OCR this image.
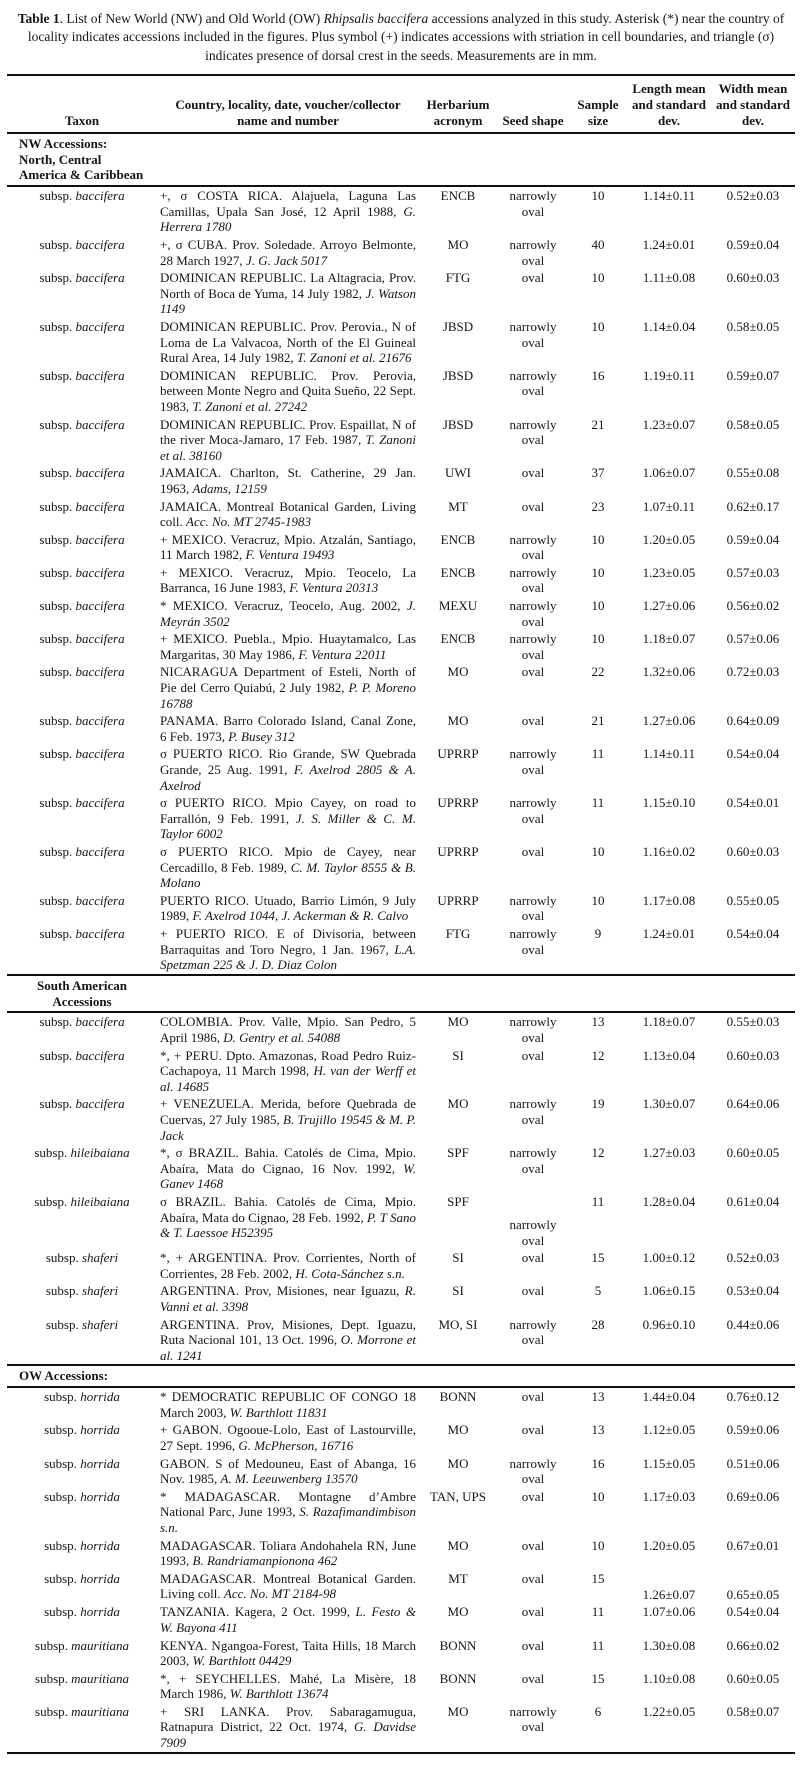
Table 1. List of New World (NW) and Old World (OW) Rhipsalis baccifera accessions analyzed in this study. Asterisk (*) near the country of locality indicates accessions included in the figures. Plus symbol (+) indicates accessions with striation in cell boundaries, and triangle (σ) indicates presence of dorsal crest in the seeds. Measurements are in mm.

Taxon	Country, locality, date, voucher/collector name and number	Herbarium acronym	Seed shape	Sample size	Length mean and standard dev.	Width mean and standard dev.
NW Accessions:
North, Central
America & Caribbean						
subsp. baccifera	+, σ COSTA RICA. Alajuela, Laguna Las Camillas, Upala San José, 12 April 1988, G. Herrera 1780	ENCB	narrowly oval	10	1.14±0.11	0.52±0.03
subsp. baccifera	+, σ CUBA. Prov. Soledade. Arroyo Belmonte, 28 March 1927, J. G. Jack 5017	MO	narrowly oval	40	1.24±0.01	0.59±0.04
subsp. baccifera	DOMINICAN REPUBLIC. La Altagracia, Prov. North of Boca de Yuma, 14 July 1982, J. Watson 1149	FTG	oval	10	1.11±0.08	0.60±0.03
subsp. baccifera	DOMINICAN REPUBLIC. Prov. Perovia., N of Loma de La Valvacoa, North of the El Guineal Rural Area, 14 July 1982, T. Zanoni et al. 21676	JBSD	narrowly oval	10	1.14±0.04	0.58±0.05
subsp. baccifera	DOMINICAN REPUBLIC. Prov. Perovia, between Monte Negro and Quita Sueño, 22 Sept. 1983, T. Zanoni et al. 27242	JBSD	narrowly oval	16	1.19±0.11	0.59±0.07
subsp. baccifera	DOMINICAN REPUBLIC. Prov. Espaillat, N of the river Moca-Jamaro, 17 Feb. 1987, T. Zanoni et al. 38160	JBSD	narrowly oval	21	1.23±0.07	0.58±0.05
subsp. baccifera	JAMAICA. Charlton, St. Catherine, 29 Jan. 1963, Adams, 12159	UWI	oval	37	1.06±0.07	0.55±0.08
subsp. baccifera	JAMAICA. Montreal Botanical Garden, Living coll. Acc. No. MT 2745-1983	MT	oval	23	1.07±0.11	0.62±0.17
subsp. baccifera	+ MEXICO. Veracruz, Mpio. Atzalán, Santiago, 11 March 1982, F. Ventura 19493	ENCB	narrowly oval	10	1.20±0.05	0.59±0.04
subsp. baccifera	+ MEXICO. Veracruz, Mpio. Teocelo, La Barranca, 16 June 1983, F. Ventura 20313	ENCB	narrowly oval	10	1.23±0.05	0.57±0.03
subsp. baccifera	* MEXICO. Veracruz, Teocelo, Aug. 2002, J. Meyrán 3502	MEXU	narrowly oval	10	1.27±0.06	0.56±0.02
subsp. baccifera	+ MEXICO. Puebla., Mpio. Huaytamalco, Las Margaritas, 30 May 1986, F. Ventura 22011	ENCB	narrowly oval	10	1.18±0.07	0.57±0.06
subsp. baccifera	NICARAGUA Department of Esteli, North of Pie del Cerro Quiabú, 2 July 1982, P. P. Moreno 16788	MO	oval	22	1.32±0.06	0.72±0.03
subsp. baccifera	PANAMA. Barro Colorado Island, Canal Zone, 6 Feb. 1973, P. Busey 312	MO	oval	21	1.27±0.06	0.64±0.09
subsp. baccifera	σ PUERTO RICO. Rio Grande, SW Quebrada Grande, 25 Aug. 1991, F. Axelrod 2805 & A. Axelrod	UPRRP	narrowly oval	11	1.14±0.11	0.54±0.04
subsp. baccifera	σ PUERTO RICO. Mpio Cayey, on road to Farrallón, 9 Feb. 1991, J. S. Miller & C. M. Taylor 6002	UPRRP	narrowly oval	11	1.15±0.10	0.54±0.01
subsp. baccifera	σ PUERTO RICO. Mpio de Cayey, near Cercadillo, 8 Feb. 1989, C. M. Taylor 8555 & B. Molano	UPRRP	oval	10	1.16±0.02	0.60±0.03
subsp. baccifera	PUERTO RICO. Utuado, Barrio Limón, 9 July 1989, F. Axelrod 1044, J. Ackerman & R. Calvo	UPRRP	narrowly oval	10	1.17±0.08	0.55±0.05
subsp. baccifera	+ PUERTO RICO. E of Divisoria, between Barraquitas and Toro Negro, 1 Jan. 1967, L.A. Spetzman 225 & J. D. Diaz Colon	FTG	narrowly oval	9	1.24±0.01	0.54±0.04
South American
Accessions						
subsp. baccifera	COLOMBIA. Prov. Valle, Mpio. San Pedro, 5 April 1986, D. Gentry et al. 54088	MO	narrowly oval	13	1.18±0.07	0.55±0.03
subsp. baccifera	*, + PERU. Dpto. Amazonas, Road Pedro Ruiz-Cachapoya, 11 March 1998, H. van der Werff et al. 14685	SI	oval	12	1.13±0.04	0.60±0.03
subsp. baccifera	+ VENEZUELA. Merida, before Quebrada de Cuervas, 27 July 1985, B. Trujillo 19545 & M. P. Jack	MO	narrowly oval	19	1.30±0.07	0.64±0.06
subsp. hileibaiana	*, σ BRAZIL. Bahia. Catolés de Cima, Mpio. Abaíra, Mata do Cignao, 16 Nov. 1992, W. Ganev 1468	SPF	narrowly oval	12	1.27±0.03	0.60±0.05
subsp. hileibaiana	σ BRAZIL. Bahia. Catolés de Cima, Mpio. Abaíra, Mata do Cignao, 28 Feb. 1992, P. T Sano & T. Laessoe H52395	SPF	narrowly oval	11	1.28±0.04	0.61±0.04
subsp. shaferi	*, + ARGENTINA. Prov. Corrientes, North of Corrientes, 28 Feb. 2002, H. Cota-Sánchez s.n.	SI	oval	15	1.00±0.12	0.52±0.03
subsp. shaferi	ARGENTINA. Prov, Misiones, near Iguazu, R. Vanni et al. 3398	SI	oval	5	1.06±0.15	0.53±0.04
subsp. shaferi	ARGENTINA. Prov, Misiones, Dept. Iguazu, Ruta Nacional 101, 13 Oct. 1996, O. Morrone et al. 1241	MO, SI	narrowly oval	28	0.96±0.10	0.44±0.06
OW Accessions:						
subsp. horrida	* DEMOCRATIC REPUBLIC OF CONGO 18 March 2003, W. Barthlott 11831	BONN	oval	13	1.44±0.04	0.76±0.12
subsp. horrida	+ GABON. Ogooue-Lolo, East of Lastourville, 27 Sept. 1996, G. McPherson, 16716	MO	oval	13	1.12±0.05	0.59±0.06
subsp. horrida	GABON. S of Medouneu, East of Abanga, 16 Nov. 1985, A. M. Leeuwenberg 13570	MO	narrowly oval	16	1.15±0.05	0.51±0.06
subsp. horrida	* MADAGASCAR. Montagne d’Ambre National Parc, June 1993, S. Razafimandimbison s.n.	TAN, UPS	oval	10	1.17±0.03	0.69±0.06
subsp. horrida	MADAGASCAR. Toliara Andohahela RN, June 1993, B. Randriamanpionona 462	MO	oval	10	1.20±0.05	0.67±0.01
subsp. horrida	MADAGASCAR. Montreal Botanical Garden. Living coll. Acc. No. MT 2184-98	MT	oval	15	1.26±0.07	0.65±0.05
subsp. horrida	TANZANIA. Kagera, 2 Oct. 1999, L. Festo & W. Bayona 411	MO	oval	11	1.07±0.06	0.54±0.04
subsp. mauritiana	KENYA. Ngangoa-Forest, Taita Hills, 18 March 2003, W. Barthlott 04429	BONN	oval	11	1.30±0.08	0.66±0.02
subsp. mauritiana	*, + SEYCHELLES. Mahé, La Misère, 18 March 1986, W. Barthlott 13674	BONN	oval	15	1.10±0.08	0.60±0.05
subsp. mauritiana	+ SRI LANKA. Prov. Sabaragamugua, Ratnapura District, 22 Oct. 1974, G. Davidse 7909	MO	narrowly oval	6	1.22±0.05	0.58±0.07
